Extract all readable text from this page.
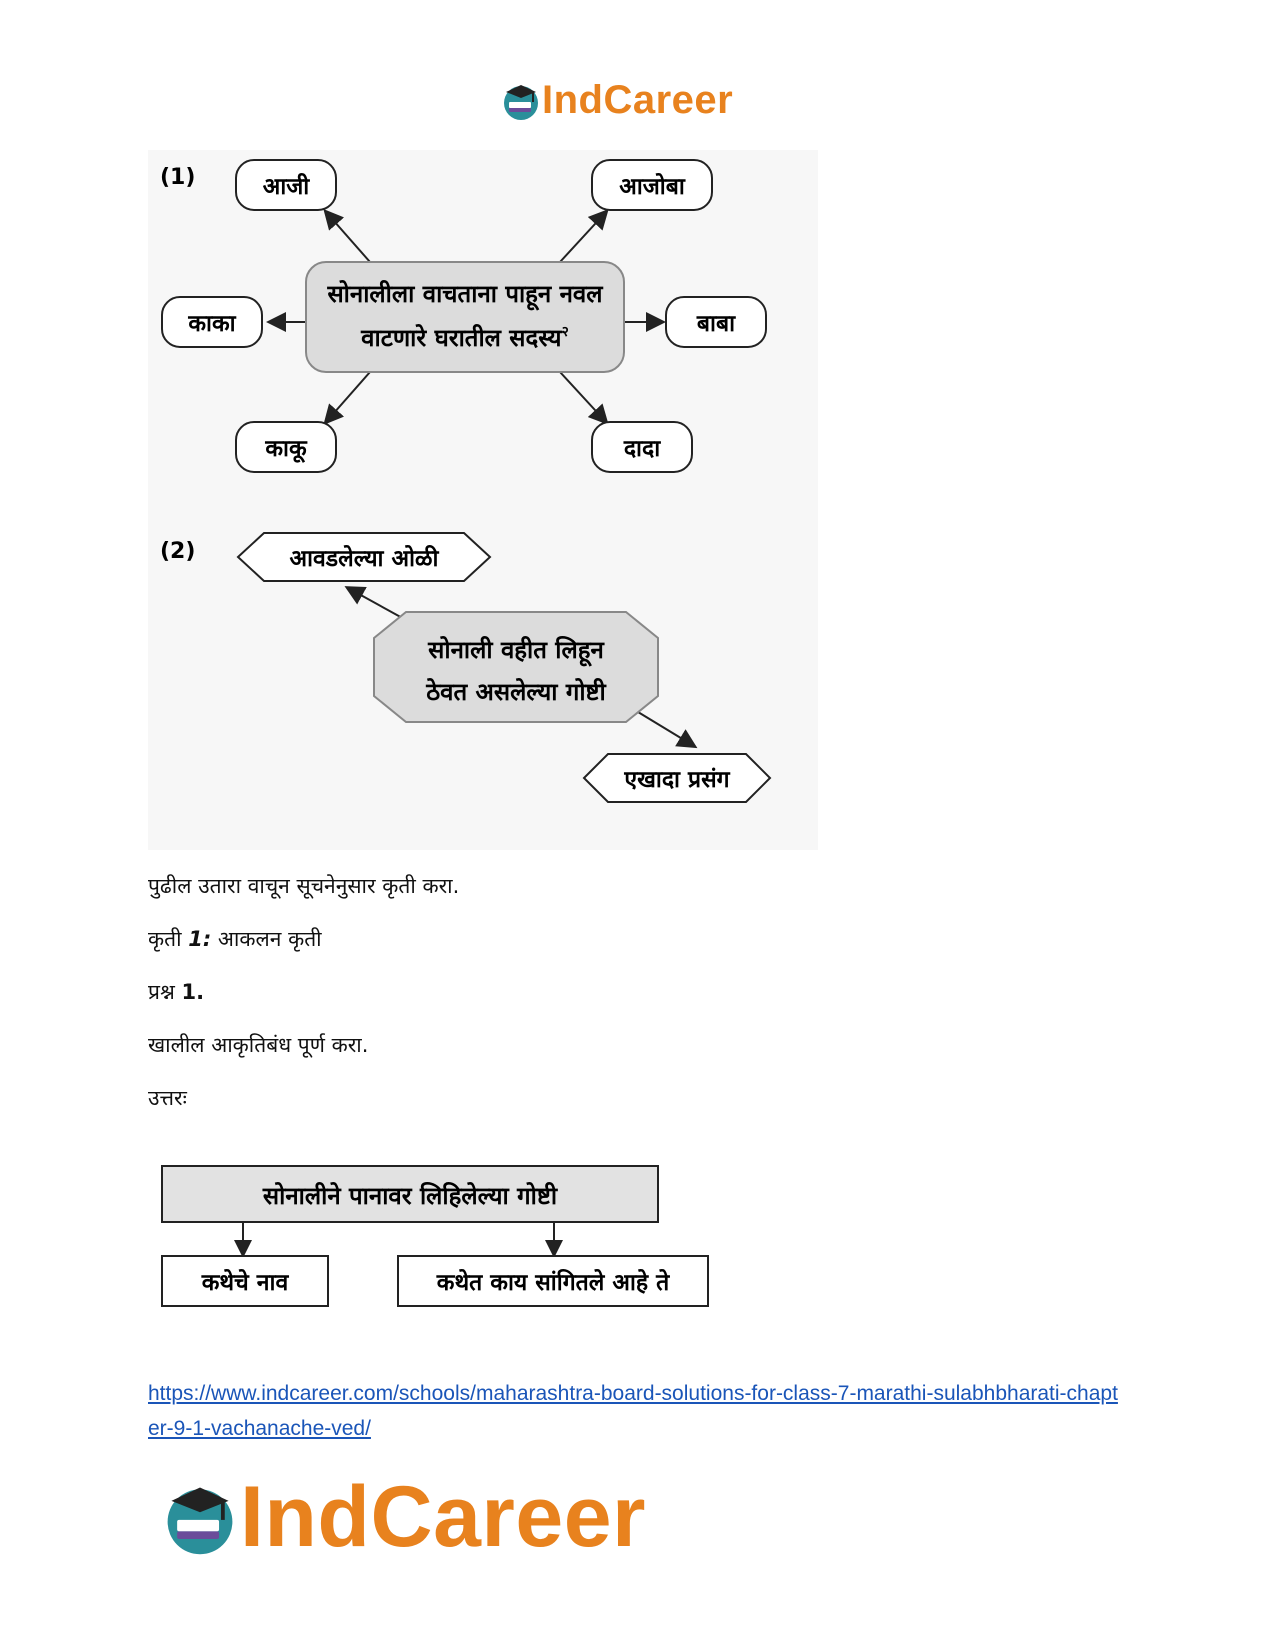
IndCareer
(1)
सोनालीला वाचताना पाहून नवल
वाटणारे घरातील सदस्य$^२$
आजी	आजोबा
काका	बाबा
काकू	दादा
(2)	आवडलेल्या ओळी
सोनाली वहीत लिहून
ठेवत असलेल्या गोष्टी
एखादा प्रसंग
पुढील उतारा वाचून सूचनेनुसार कृती करा.
कृती 1: आकलन कृती
प्रश्न 1.
खालील आकृतिबंध पूर्ण करा.
उत्तरः
सोनालीने पानावर लिहिलेल्या गोष्टी
कथेचे नाव	कथेत काय सांगितले आहे ते
https://www.indcareer.com/schools/maharashtra-board-solutions-for-class-7-marathi-sulabhbharati-chapter-9-1-vachanache-ved/
IndCareer
